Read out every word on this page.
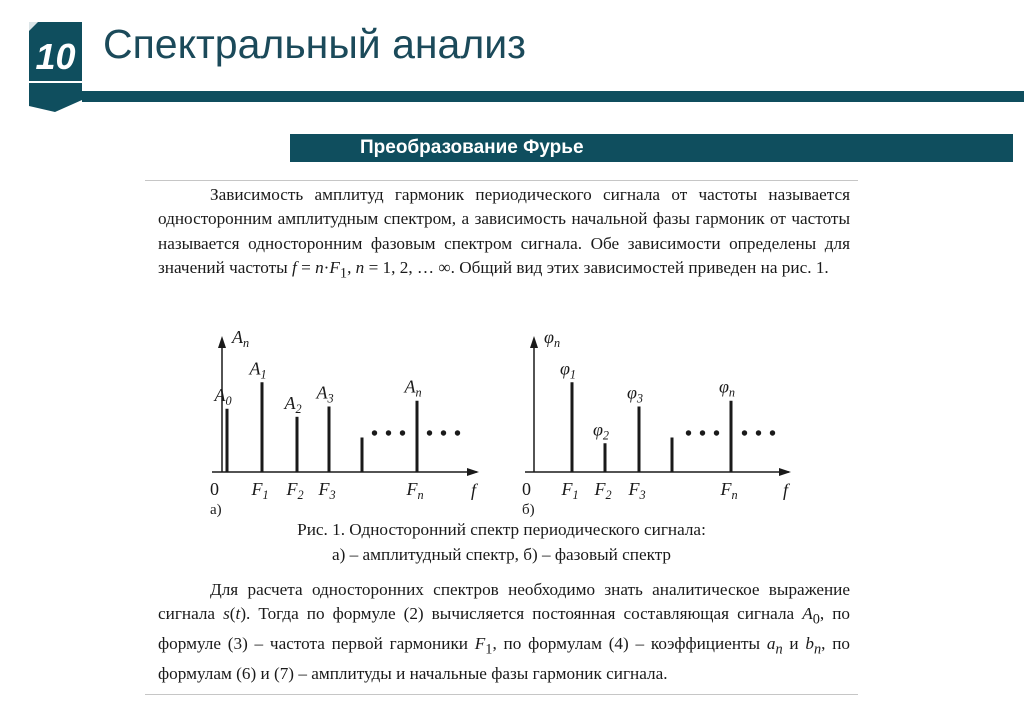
10 Спектральный анализ
Преобразование Фурье

Зависимость амплитуд гармоник периодического сигнала от частоты называется односторонним амплитудным спектром, а зависимость начальной фазы гармоник от частоты называется односторонним фазовым спектром сигнала. Обе зависимости определены для значений частоты $f = n\cdot F_1$, n = 1, 2, … ∞. Общий вид этих зависимостей приведен на рис. 1.

$A_n$
f
0
а)
$A_0$
$A_1$
$F_1$
$A_2$
$F_2$
$A_3$
$F_3$
$A_n$
$F_n$
• • • • • •
$\varphi_n$
f
0
б)
$\varphi_1$
$F_1$
$\varphi_2$
$F_2$
$\varphi_3$
$F_3$
$\varphi_n$
$F_n$
• • • • • •
Рис. 1. Односторонний спектр периодического сигнала:
а) – амплитудный спектр, б) – фазовый спектр

Для расчета односторонних спектров необходимо знать аналитическое выражение сигнала s(t). Тогда по формуле (2) вычисляется постоянная составляющая сигнала $A_0$, по формуле (3) – частота первой гармоники $F_1$, по формулам (4) – коэффициенты $a_n$ и $b_n$, по формулам (6) и (7) – амплитуды и начальные фазы гармоник сигнала.
